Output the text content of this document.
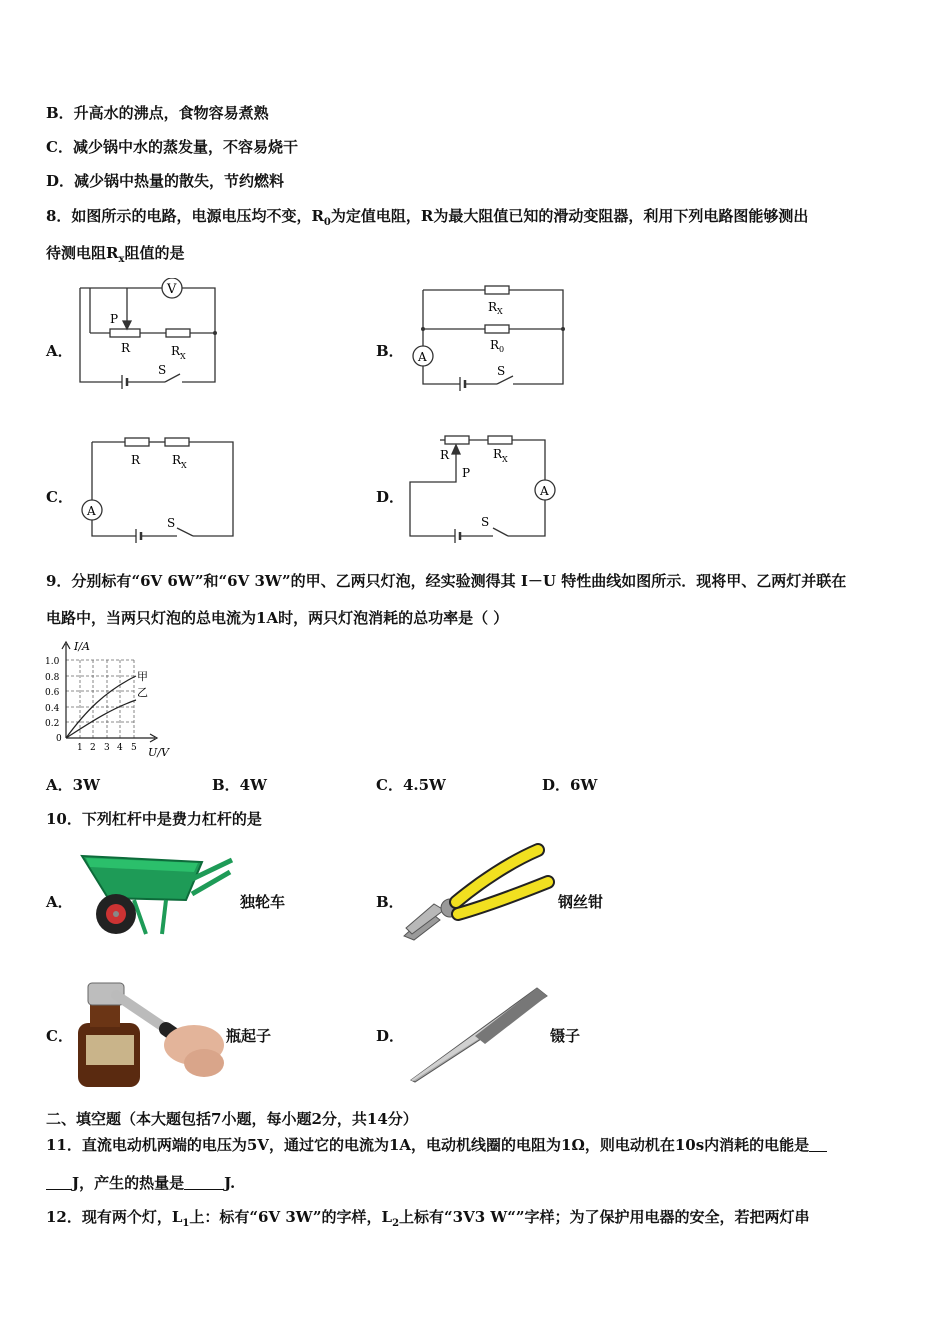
B．升高水的沸点，食物容易煮熟
C．减少锅中水的蒸发量，不容易烧干
D．减少锅中热量的散失，节约燃料
8．如图所示的电路，电源电压均不变，$R_0$为定值电阻，R为最大阻值已知的滑动变阻器，利用下列电路图能够测出
待测电阻$R_x$阻值的是
A．	B．
C．	D．
V
P
R	R X
S
R X
R 0
A
S
R	R X
A
S
R
P
R X
A
S
9．分别标有“6V 6W”和“6V 3W”的甲、乙两只灯泡，经实验测得其 I－U 特性曲线如图所示．现将甲、乙两灯并联在
电路中，当两只灯泡的总电流为1A时，两只灯泡消耗的总功率是（ ）
I/A
U/V
1.0
0.8
0.6
0.4
0.2
0
1 2 3 4 5
甲
乙
A．3W	B．4W	C．4.5W	D．6W
10．下列杠杆中是费力杠杆的是
A．	独轮车	B．	钢丝钳
C．	瓶起子	D．	镊子
二、填空题（本大题包括7小题，每小题2分，共14分）
11．直流电动机两端的电压为5V，通过它的电流为1A，电动机线圈的电阻为1Ω，则电动机在10s内消耗的电能是
J，产生的热量是	J.
12．现有两个灯，$L_1$上：标有“6V 3W”的字样，$L_2$上标有“3V3 W“”字样；为了保护用电器的安全，若把两灯串
